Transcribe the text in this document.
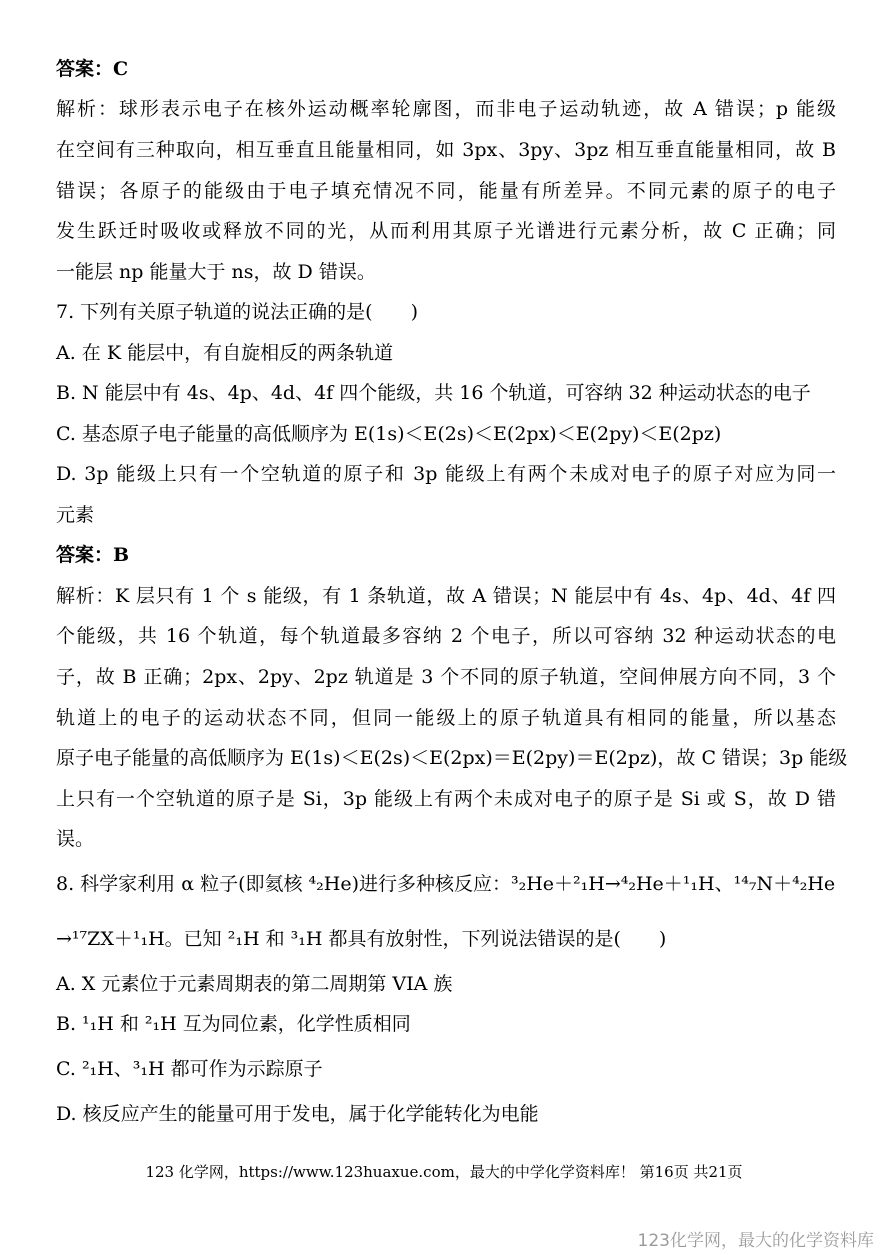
答案：C
解析：球形表示电子在核外运动概率轮廓图，而非电子运动轨迹，故 A 错误；p 能级
在空间有三种取向，相互垂直且能量相同，如 3px、3py、3pz 相互垂直能量相同，故 B
错误；各原子的能级由于电子填充情况不同，能量有所差异。不同元素的原子的电子
发生跃迁时吸收或释放不同的光，从而利用其原子光谱进行元素分析，故 C 正确；同
一能层 np 能量大于 ns，故 D 错误。
7. 下列有关原子轨道的说法正确的是(　　)
A. 在 K 能层中，有自旋相反的两条轨道
B. N 能层中有 4s、4p、4d、4f 四个能级，共 16 个轨道，可容纳 32 种运动状态的电子
C. 基态原子电子能量的高低顺序为 E(1s)＜E(2s)＜E(2px)＜E(2py)＜E(2pz)
D. 3p 能级上只有一个空轨道的原子和 3p 能级上有两个未成对电子的原子对应为同一
元素
答案：B
解析：K 层只有 1 个 s 能级，有 1 条轨道，故 A 错误；N 能层中有 4s、4p、4d、4f 四
个能级，共 16 个轨道，每个轨道最多容纳 2 个电子，所以可容纳 32 种运动状态的电
子，故 B 正确；2px、2py、2pz 轨道是 3 个不同的原子轨道，空间伸展方向不同，3 个
轨道上的电子的运动状态不同，但同一能级上的原子轨道具有相同的能量，所以基态
原子电子能量的高低顺序为 E(1s)＜E(2s)＜E(2px)＝E(2py)＝E(2pz)，故 C 错误；3p 能级
上只有一个空轨道的原子是 Si，3p 能级上有两个未成对电子的原子是 Si 或 S，故 D 错
误。
8. 科学家利用 α 粒子(即氦核 ⁴₂He)进行多种核反应：³₂He＋²₁H→⁴₂He＋¹₁H、¹⁴₇N＋⁴₂He
→¹⁷ZX＋¹₁H。已知 ²₁H 和 ³₁H 都具有放射性，下列说法错误的是(　　)
A. X 元素位于元素周期表的第二周期第 VIA 族
B. ¹₁H 和 ²₁H 互为同位素，化学性质相同
C. ²₁H、³₁H 都可作为示踪原子
D. 核反应产生的能量可用于发电，属于化学能转化为电能
123 化学网，https://www.123huaxue.com，最大的中学化学资料库！ 第16页 共21页
123化学网，最大的化学资料库
